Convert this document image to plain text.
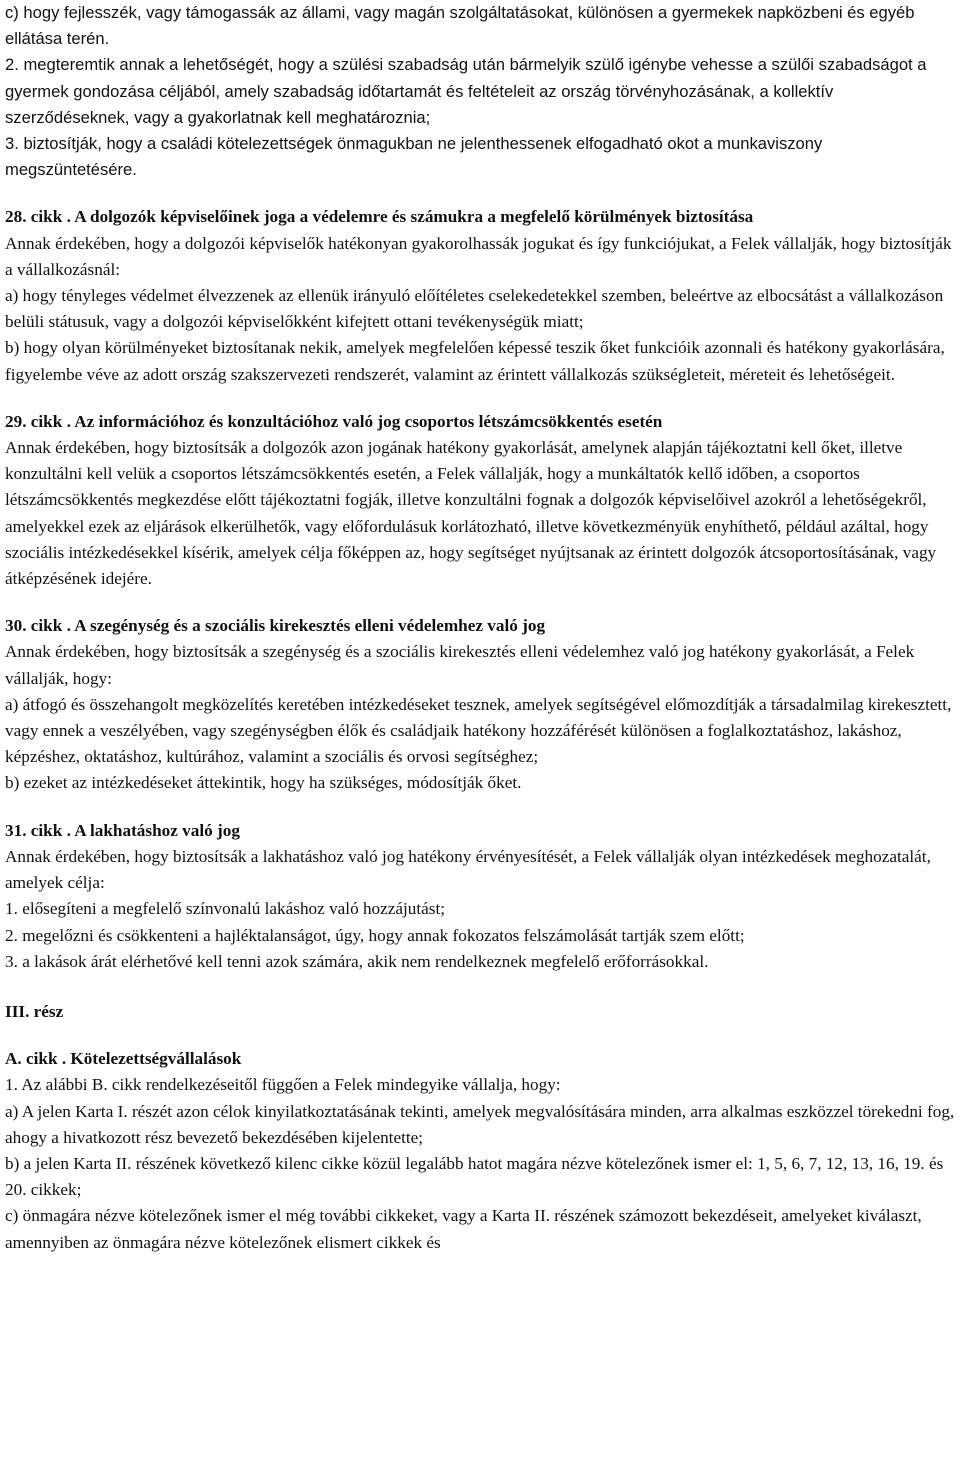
c) hogy fejlesszék, vagy támogassák az állami, vagy magán szolgáltatásokat, különösen a gyermekek napközbeni és egyéb ellátása terén.

2. megteremtik annak a lehetőségét, hogy a szülési szabadság után bármelyik szülő igénybe vehesse a szülői szabadságot a gyermek gondozása céljából, amely szabadság időtartamát és feltételeit az ország törvényhozásának, a kollektív szerződéseknek, vagy a gyakorlatnak kell meghatároznia;

3. biztosítják, hogy a családi kötelezettségek önmagukban ne jelenthessenek elfogadható okot a munkaviszony megszüntetésére.

28. cikk . A dolgozók képviselőinek joga a védelemre és számukra a megfelelő körülmények biztosítása

Annak érdekében, hogy a dolgozói képviselők hatékonyan gyakorolhassák jogukat és így funkciójukat, a Felek vállalják, hogy biztosítják a vállalkozásnál:

a) hogy tényleges védelmet élvezzenek az ellenük irányuló előítéletes cselekedetekkel szemben, beleértve az elbocsátást a vállalkozáson belüli státusuk, vagy a dolgozói képviselőkként kifejtett ottani tevékenységük miatt;

b) hogy olyan körülményeket biztosítanak nekik, amelyek megfelelően képessé teszik őket funkcióik azonnali és hatékony gyakorlására, figyelembe véve az adott ország szakszervezeti rendszerét, valamint az érintett vállalkozás szükségleteit, méreteit és lehetőségeit.

29. cikk . Az információhoz és konzultációhoz való jog csoportos létszámcsökkentés esetén

Annak érdekében, hogy biztosítsák a dolgozók azon jogának hatékony gyakorlását, amelynek alapján tájékoztatni kell őket, illetve konzultálni kell velük a csoportos létszámcsökkentés esetén, a Felek vállalják, hogy a munkáltatók kellő időben, a csoportos létszámcsökkentés megkezdése előtt tájékoztatni fogják, illetve konzultálni fognak a dolgozók képviselőivel azokról a lehetőségekről, amelyekkel ezek az eljárások elkerülhetők, vagy előfordulásuk korlátozható, illetve következményük enyhíthető, például azáltal, hogy szociális intézkedésekkel kísérik, amelyek célja főképpen az, hogy segítséget nyújtsanak az érintett dolgozók átcsoportosításának, vagy átképzésének idejére.

30. cikk . A szegénység és a szociális kirekesztés elleni védelemhez való jog

Annak érdekében, hogy biztosítsák a szegénység és a szociális kirekesztés elleni védelemhez való jog hatékony gyakorlását, a Felek vállalják, hogy:

a) átfogó és összehangolt megközelítés keretében intézkedéseket tesznek, amelyek segítségével előmozdítják a társadalmilag kirekesztett, vagy ennek a veszélyében, vagy szegénységben élők és családjaik hatékony hozzáférését különösen a foglalkoztatáshoz, lakáshoz, képzéshez, oktatáshoz, kultúrához, valamint a szociális és orvosi segítséghez;

b) ezeket az intézkedéseket áttekintik, hogy ha szükséges, módosítják őket.

31. cikk . A lakhatáshoz való jog

Annak érdekében, hogy biztosítsák a lakhatáshoz való jog hatékony érvényesítését, a Felek vállalják olyan intézkedések meghozatalát, amelyek célja:

1. elősegíteni a megfelelő színvonalú lakáshoz való hozzájutást;

2. megelőzni és csökkenteni a hajléktalanságot, úgy, hogy annak fokozatos felszámolását tartják szem előtt;

3. a lakások árát elérhetővé kell tenni azok számára, akik nem rendelkeznek megfelelő erőforrásokkal.

III. rész

A. cikk . Kötelezettségvállalások

1. Az alábbi B. cikk rendelkezéseitől függően a Felek mindegyike vállalja, hogy:

a) A jelen Karta I. részét azon célok kinyilatkoztatásának tekinti, amelyek megvalósítására minden, arra alkalmas eszközzel törekedni fog, ahogy a hivatkozott rész bevezető bekezdésében kijelentette;

b) a jelen Karta II. részének következő kilenc cikke közül legalább hatot magára nézve kötelezőnek ismer el: 1, 5, 6, 7, 12, 13, 16, 19. és 20. cikkek;

c) önmagára nézve kötelezőnek ismer el még további cikkeket, vagy a Karta II. részének számozott bekezdéseit, amelyeket kiválaszt, amennyiben az önmagára nézve kötelezőnek elismert cikkek és
